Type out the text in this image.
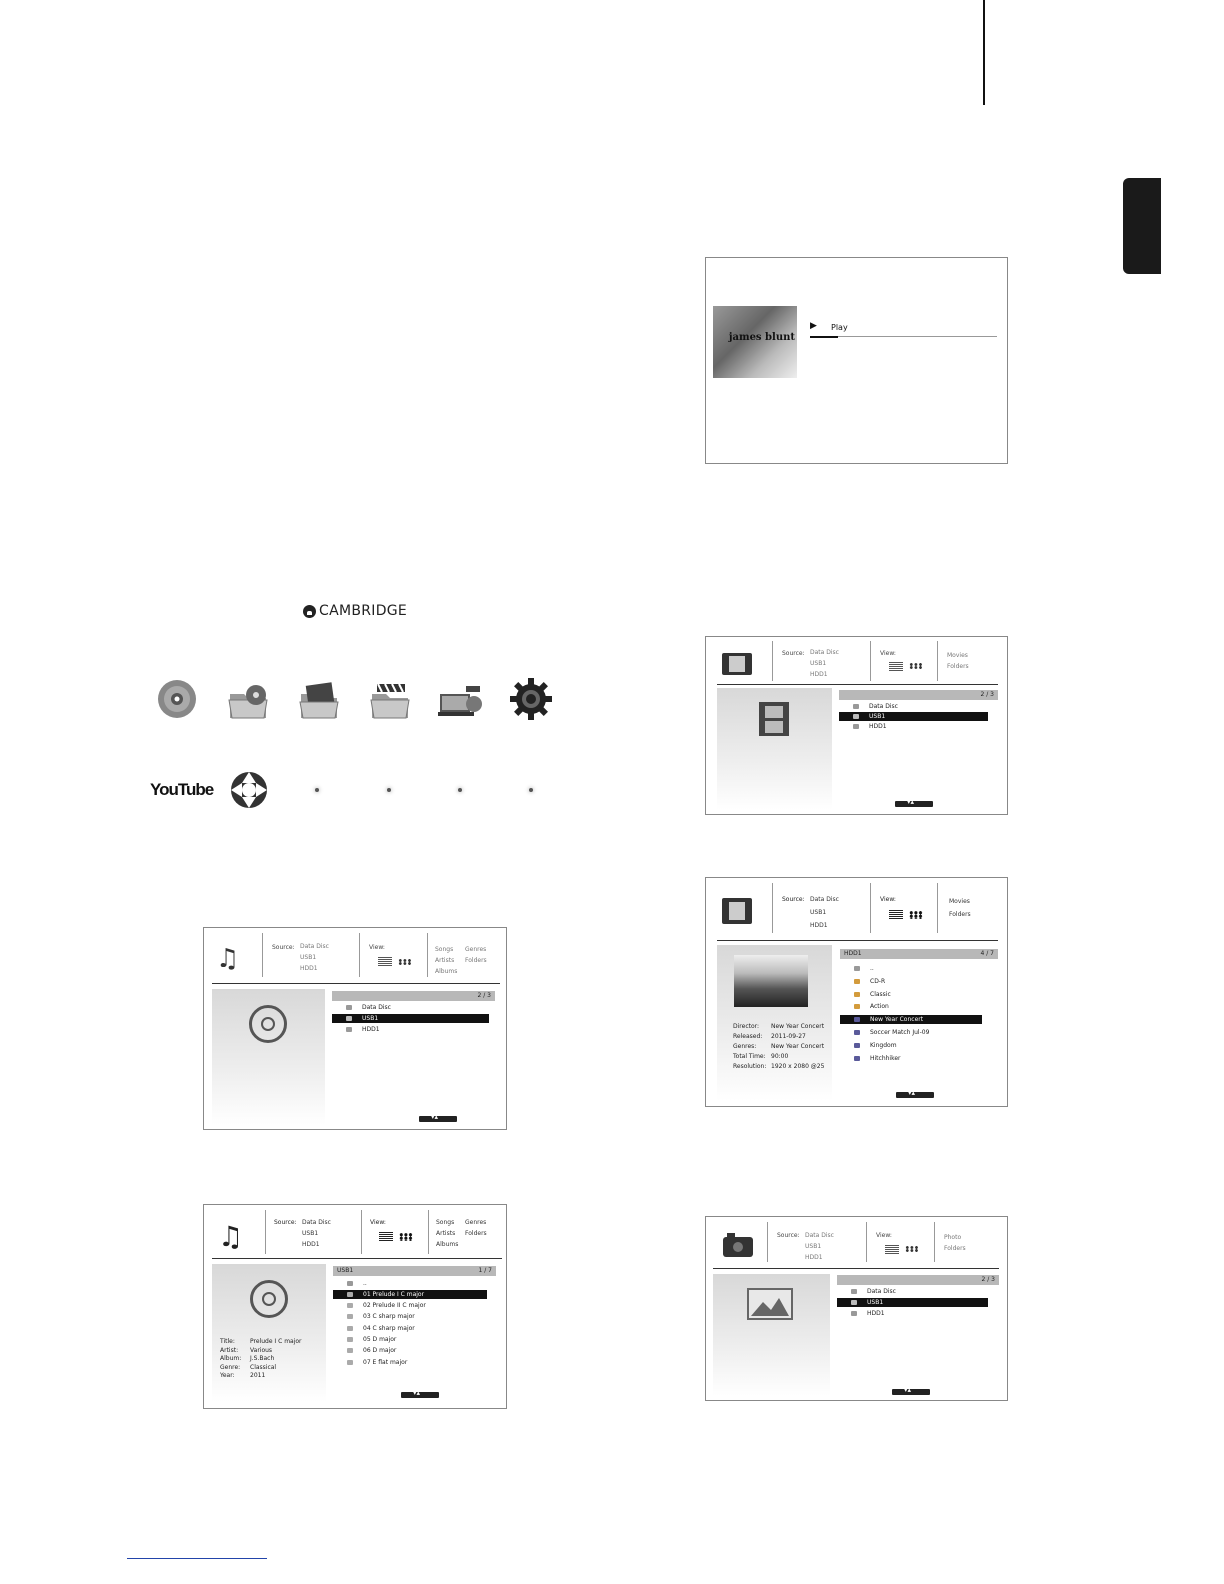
james blunt
▶ Play
CAMBRIDGE
YouTube
Source: Data Disc
USB1
HDD1
View:	Movies
Folders
2 / 3
Data Disc
USB1
HDD1
▾▴
Source: Data Disc
USB1
HDD1
View:	Movies
Folders
Director: New Year Concert
Released: 2011-09-27
Genres: New Year Concert
Total Time: 90:00
Resolution: 1920 x 2080 @25
HDD1	4 / 7
..
CD-R
Classic
Action
New Year Concert
Soccer Match Jul-09
Kingdom
Hitchhiker
▾▴
♫	Source: Data Disc
USB1
HDD1
View:	Songs
Artists
Albums
Genres
Folders
2 / 3
Data Disc
USB1
HDD1
▾▴
♫	Source: Data Disc
USB1
HDD1
View:	Songs
Artists
Albums
Genres
Folders
Title:	Prelude I C major
Artist: Various
Album: J.S.Bach
Genre: Classical
Year:	2011
USB1	1 / 7
..
01 Prelude I C major
02 Prelude II C major
03 C sharp major
04 C sharp major
05 D major
06 D major
07 E flat major
▾▴
Source: Data Disc
USB1
HDD1
View:	Photo
Folders
2 / 3
Data Disc
USB1
HDD1
▾▴
